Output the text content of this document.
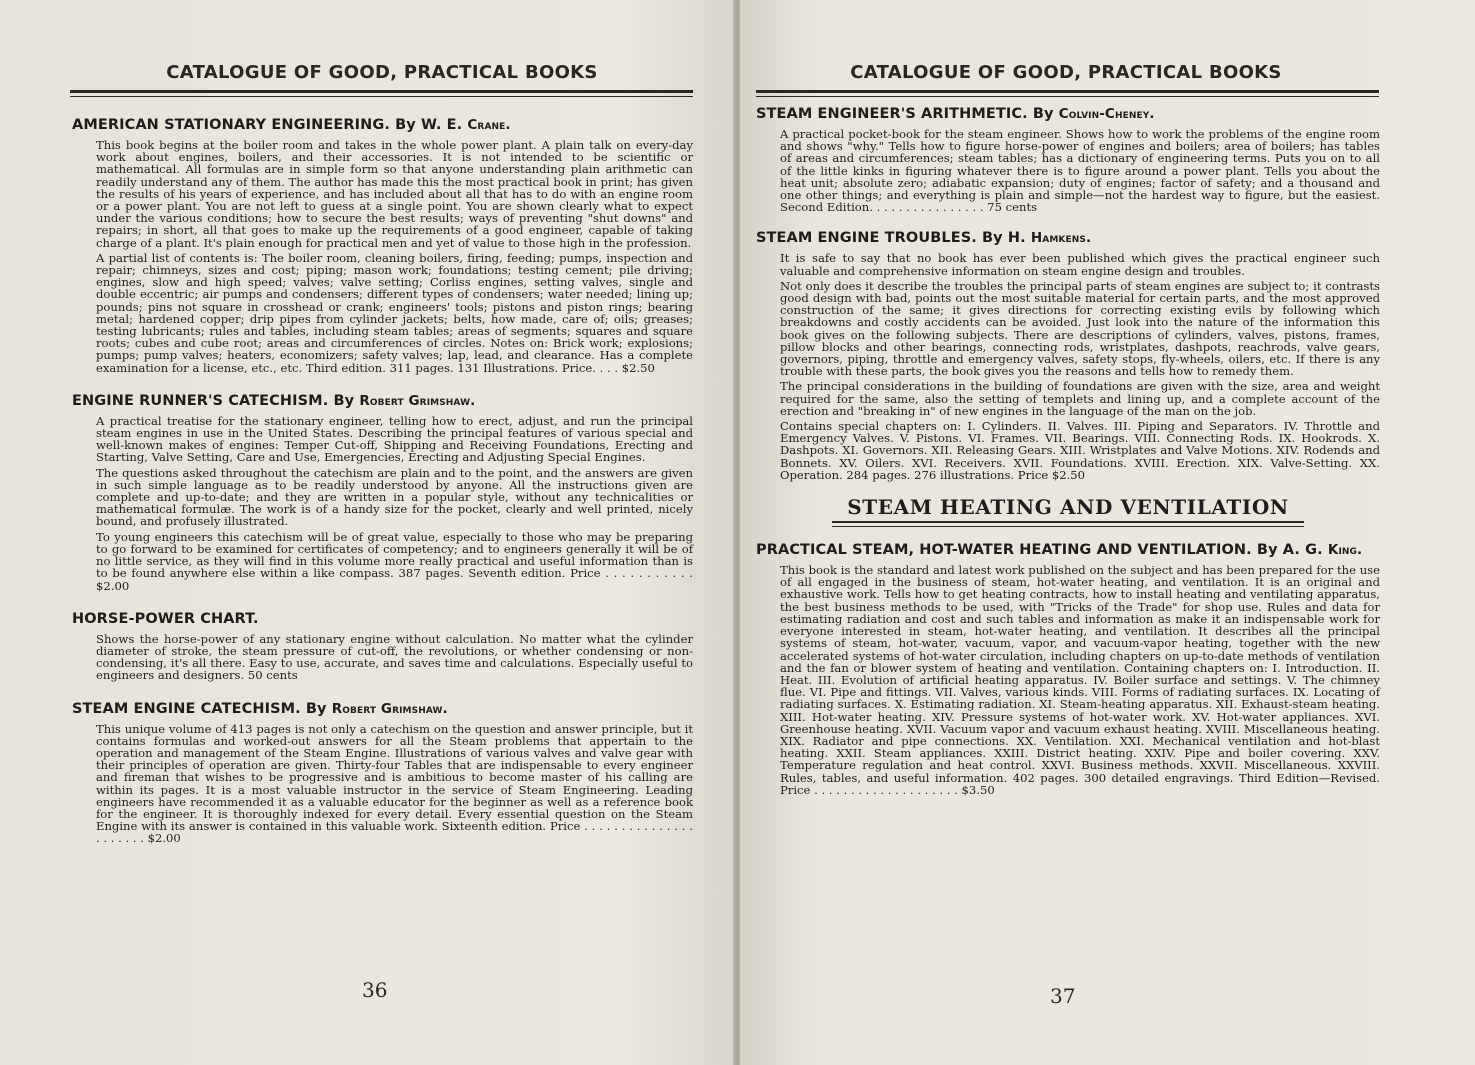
CATALOGUE OF GOOD, PRACTICAL BOOKS
AMERICAN STATIONARY ENGINEERING. By W. E. Crane.

This book begins at the boiler room and takes in the whole power plant. A plain talk on every-day work about engines, boilers, and their accessories. It is not intended to be scientific or mathematical. All formulas are in simple form so that anyone understanding plain arithmetic can readily understand any of them. The author has made this the most practical book in print; has given the results of his years of experience, and has included about all that has to do with an engine room or a power plant. You are not left to guess at a single point. You are shown clearly what to expect under the various conditions; how to secure the best results; ways of preventing "shut downs" and repairs; in short, all that goes to make up the requirements of a good engineer, capable of taking charge of a plant. It's plain enough for practical men and yet of value to those high in the profession.

A partial list of contents is: The boiler room, cleaning boilers, firing, feeding; pumps, inspection and repair; chimneys, sizes and cost; piping; mason work; foundations; testing cement; pile driving; engines, slow and high speed; valves; valve setting; Corliss engines, setting valves, single and double eccentric; air pumps and condensers; different types of condensers; water needed; lining up; pounds; pins not square in crosshead or crank; engineers' tools; pistons and piston rings; bearing metal; hardened copper; drip pipes from cylinder jackets; belts, how made, care of; oils; greases; testing lubricants; rules and tables, including steam tables; areas of segments; squares and square roots; cubes and cube root; areas and circumferences of circles. Notes on: Brick work; explosions; pumps; pump valves; heaters, economizers; safety valves; lap, lead, and clearance. Has a complete examination for a license, etc., etc. Third edition. 311 pages. 131 Illustrations. Price. . . . $2.50

ENGINE RUNNER'S CATECHISM. By Robert Grimshaw.

A practical treatise for the stationary engineer, telling how to erect, adjust, and run the principal steam engines in use in the United States. Describing the principal features of various special and well-known makes of engines: Temper Cut-off, Shipping and Receiving Foundations, Erecting and Starting, Valve Setting, Care and Use, Emergencies, Erecting and Adjusting Special Engines.

The questions asked throughout the catechism are plain and to the point, and the answers are given in such simple language as to be readily understood by anyone. All the instructions given are complete and up-to-date; and they are written in a popular style, without any technicalities or mathematical formulæ. The work is of a handy size for the pocket, clearly and well printed, nicely bound, and profusely illustrated.

To young engineers this catechism will be of great value, especially to those who may be preparing to go forward to be examined for certificates of competency; and to engineers generally it will be of no little service, as they will find in this volume more really practical and useful information than is to be found anywhere else within a like compass. 387 pages. Seventh edition. Price . . . . . . . . . . . $2.00

HORSE-POWER CHART.

Shows the horse-power of any stationary engine without calculation. No matter what the cylinder diameter of stroke, the steam pressure of cut-off, the revolutions, or whether condensing or non-condensing, it's all there. Easy to use, accurate, and saves time and calculations. Especially useful to engineers and designers. 50 cents

STEAM ENGINE CATECHISM. By Robert Grimshaw.

This unique volume of 413 pages is not only a catechism on the question and answer principle, but it contains formulas and worked-out answers for all the Steam problems that appertain to the operation and management of the Steam Engine. Illustrations of various valves and valve gear with their principles of operation are given. Thirty-four Tables that are indispensable to every engineer and fireman that wishes to be progressive and is ambitious to become master of his calling are within its pages. It is a most valuable instructor in the service of Steam Engineering. Leading engineers have recommended it as a valuable educator for the beginner as well as a reference book for the engineer. It is thoroughly indexed for every detail. Every essential question on the Steam Engine with its answer is contained in this valuable work. Sixteenth edition. Price . . . . . . . . . . . . . . . . . . . . . . $2.00

36
CATALOGUE OF GOOD, PRACTICAL BOOKS
STEAM ENGINEER'S ARITHMETIC. By Colvin-Cheney.

A practical pocket-book for the steam engineer. Shows how to work the problems of the engine room and shows "why." Tells how to figure horse-power of engines and boilers; area of boilers; has tables of areas and circumferences; steam tables; has a dictionary of engineering terms. Puts you on to all of the little kinks in figuring whatever there is to figure around a power plant. Tells you about the heat unit; absolute zero; adiabatic expansion; duty of engines; factor of safety; and a thousand and one other things; and everything is plain and simple—not the hardest way to figure, but the easiest. Second Edition. . . . . . . . . . . . . . . . 75 cents

STEAM ENGINE TROUBLES. By H. Hamkens.

It is safe to say that no book has ever been published which gives the practical engineer such valuable and comprehensive information on steam engine design and troubles.

Not only does it describe the troubles the principal parts of steam engines are subject to; it contrasts good design with bad, points out the most suitable material for certain parts, and the most approved construction of the same; it gives directions for correcting existing evils by following which breakdowns and costly accidents can be avoided. Just look into the nature of the information this book gives on the following subjects. There are descriptions of cylinders, valves, pistons, frames, pillow blocks and other bearings, connecting rods, wristplates, dashpots, reachrods, valve gears, governors, piping, throttle and emergency valves, safety stops, fly-wheels, oilers, etc. If there is any trouble with these parts, the book gives you the reasons and tells how to remedy them.

The principal considerations in the building of foundations are given with the size, area and weight required for the same, also the setting of templets and lining up, and a complete account of the erection and "breaking in" of new engines in the language of the man on the job.

Contains special chapters on: I. Cylinders. II. Valves. III. Piping and Separators. IV. Throttle and Emergency Valves. V. Pistons. VI. Frames. VII. Bearings. VIII. Connecting Rods. IX. Hookrods. X. Dashpots. XI. Governors. XII. Releasing Gears. XIII. Wristplates and Valve Motions. XIV. Rodends and Bonnets. XV. Oilers. XVI. Receivers. XVII. Foundations. XVIII. Erection. XIX. Valve-Setting. XX. Operation. 284 pages. 276 illustrations. Price $2.50

STEAM HEATING AND VENTILATION
PRACTICAL STEAM, HOT-WATER HEATING AND VENTILATION. By A. G. King.

This book is the standard and latest work published on the subject and has been prepared for the use of all engaged in the business of steam, hot-water heating, and ventilation. It is an original and exhaustive work. Tells how to get heating contracts, how to install heating and ventilating apparatus, the best business methods to be used, with "Tricks of the Trade" for shop use. Rules and data for estimating radiation and cost and such tables and information as make it an indispensable work for everyone interested in steam, hot-water heating, and ventilation. It describes all the principal systems of steam, hot-water, vacuum, vapor, and vacuum-vapor heating, together with the new accelerated systems of hot-water circulation, including chapters on up-to-date methods of ventilation and the fan or blower system of heating and ventilation. Containing chapters on: I. Introduction. II. Heat. III. Evolution of artificial heating apparatus. IV. Boiler surface and settings. V. The chimney flue. VI. Pipe and fittings. VII. Valves, various kinds. VIII. Forms of radiating surfaces. IX. Locating of radiating surfaces. X. Estimating radiation. XI. Steam-heating apparatus. XII. Exhaust-steam heating. XIII. Hot-water heating. XIV. Pressure systems of hot-water work. XV. Hot-water appliances. XVI. Greenhouse heating. XVII. Vacuum vapor and vacuum exhaust heating. XVIII. Miscellaneous heating. XIX. Radiator and pipe connections. XX. Ventilation. XXI. Mechanical ventilation and hot-blast heating. XXII. Steam appliances. XXIII. District heating. XXIV. Pipe and boiler covering. XXV. Temperature regulation and heat control. XXVI. Business methods. XXVII. Miscellaneous. XXVIII. Rules, tables, and useful information. 402 pages. 300 detailed engravings. Third Edition—Revised. Price . . . . . . . . . . . . . . . . . . . . $3.50

37
